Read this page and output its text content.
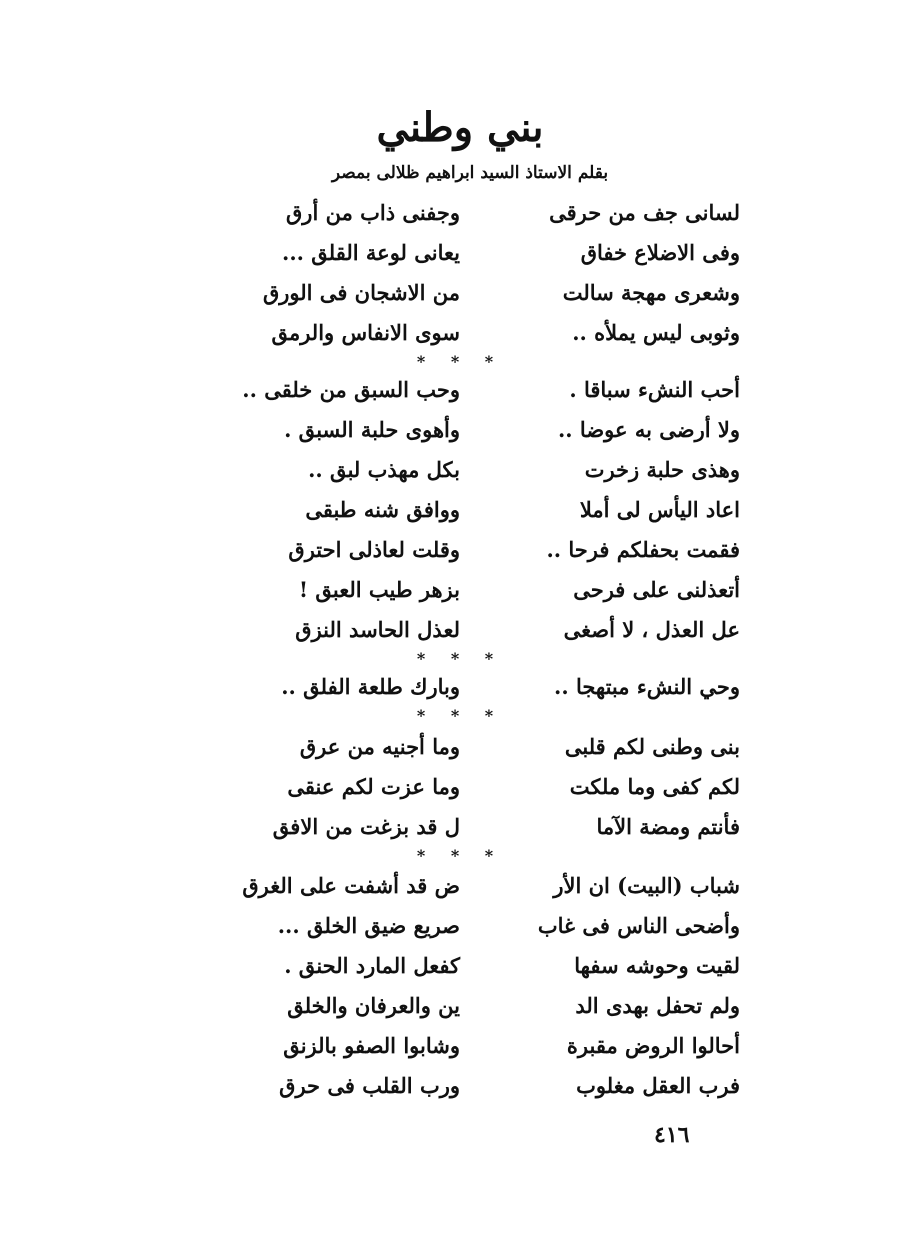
بني وطني
بقلم الاستاذ السيد ابراهيم ظلالى بمصر
لسانى جف من حرقى
وجفنى ذاب من أرق
وفى الاضلاع خفاق
يعانى لوعة القلق ...
وشعرى مهجة سالت
من الاشجان فى الورق
وثوبى ليس يملأه ..
سوى الانفاس والرمق
* * *
أحب النشء سباقا .
وحب السبق من خلقى ..
ولا أرضى به عوضا ..
وأهوى حلبة السبق .
وهذى حلبة زخرت
بكل مهذب لبق ..
اعاد اليأس لى أملا
ووافق شنه طبقى
فقمت بحفلكم فرحا ..
وقلت لعاذلى احترق
أتعذلنى على فرحى
بزهر طيب العبق !
عل العذل ، لا أصغى
لعذل الحاسد النزق
* * *
وحي النشء مبتهجا ..
وبارك طلعة الفلق ..
* * *
بنى وطنى لكم قلبى
وما أجنيه من عرق
لكم كفى وما ملكت
وما عزت لكم عنقى
فأنتم ومضة الآما
ل قد بزغت من الافق
* * *
شباب (البيت) ان الأر
ض قد أشفت على الغرق
وأضحى الناس فى غاب
صريع ضيق الخلق ...
لقيت وحوشه سفها
كفعل المارد الحنق .
ولم تحفل بهدى الد
ين والعرفان والخلق
أحالوا الروض مقبرة
وشابوا الصفو بالزنق
فرب العقل مغلوب
ورب القلب فى حرق
٤١٦
